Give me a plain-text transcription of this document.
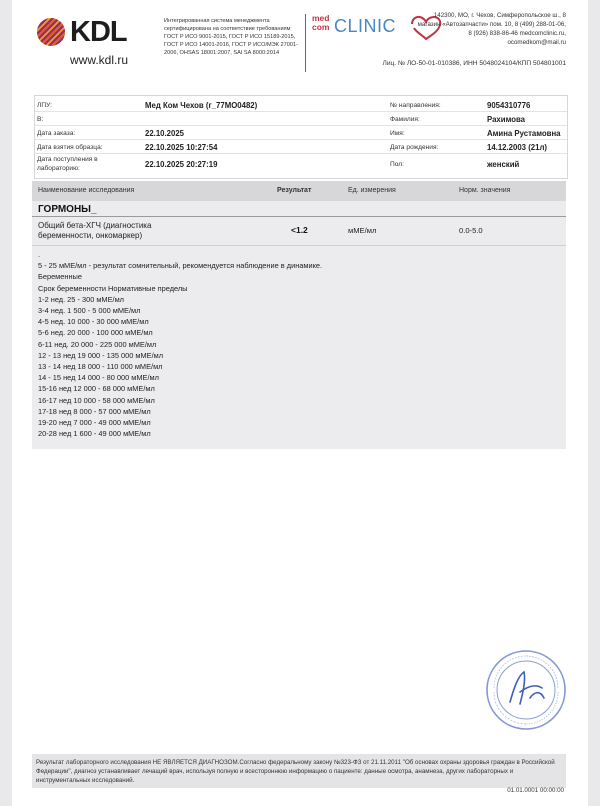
KDL
www.kdl.ru
Интегрированная система менеджмента сертифицирована на соответствие требованиям ГОСТ Р ИСО 9001-2015, ГОСТ Р ИСО 15189-2015, ГОСТ Р ИСО 14001-2016, ГОСТ Р ИСО/МЭК 27001-2006, OHSAS 18001:2007, SAI SA 8000:2014
med
com CLINIC
142300, МО, г. Чехов, Симферопольское ш., 8 магазин «Автозапчасти» пом. 10, 8 (499) 288-01-06, 8 (926) 838-86-46 medcomclinic.ru, ocomedkom@mail.ru
Лиц. № ЛО-50-01-010386, ИНН 5048024104/КПП 504801001
ЛПУ:	Мед Ком Чехов (г_77МО0482)	№ направления:	9054310776
В:	Фамилия:	Рахимова
Дата заказа:	22.10.2025	Имя:	Амина Рустамовна
Дата взятия образца:	22.10.2025 10:27:54	Дата рождения:	14.12.2003 (21л)
Дата поступления в
лабораторию:	22.10.2025 20:27:19	Пол:	женский
Наименование исследования	Результат	Ед. измерения	Норм. значения
ГОРМОНЫ_
Общий бета-ХГЧ (диагностика беременности, онкомаркер)
<1.2	мМЕ/мл	0.0-5.0
.
5 - 25 мМЕ/мл - результат сомнительный, рекомендуется наблюдение в динамике.
Беременные
Срок беременности Нормативные пределы
1-2 нед. 25 - 300 мМЕ/мл
3-4 нед. 1 500 - 5 000 мМЕ/мл
4-5 нед. 10 000 - 30 000 мМЕ/мл
5-6 нед. 20 000 - 100 000 мМЕ/мл
6-11 нед. 20 000 - 225 000 мМЕ/мл
12 - 13 нед 19 000 - 135 000 мМЕ/мл
13 - 14 нед 18 000 - 110 000 мМЕ/мл
14 - 15 нед 14 000 - 80 000 мМЕ/мл
15-16 нед 12 000 - 68 000 мМЕ/мл
16-17 нед 10 000 - 58 000 мМЕ/мл
17-18 нед 8 000 - 57 000 мМЕ/мл
19-20 нед 7 000 - 49 000 мМЕ/мл
20-28 нед 1 600 - 49 000 мМЕ/мл
Результат лабораторного исследования НЕ ЯВЛЯЕТСЯ ДИАГНОЗОМ.Согласно федеральному закону №323-ФЗ от 21.11.2011 "Об основах охраны здоровья граждан в Российской Федерации", диагноз устанавливает лечащий врач, используя полную и всестороннюю информацию о пациенте: данные осмотра, анамнеза, других лабораторных и инструментальных исследований.
01.01.0001 00:00:00
